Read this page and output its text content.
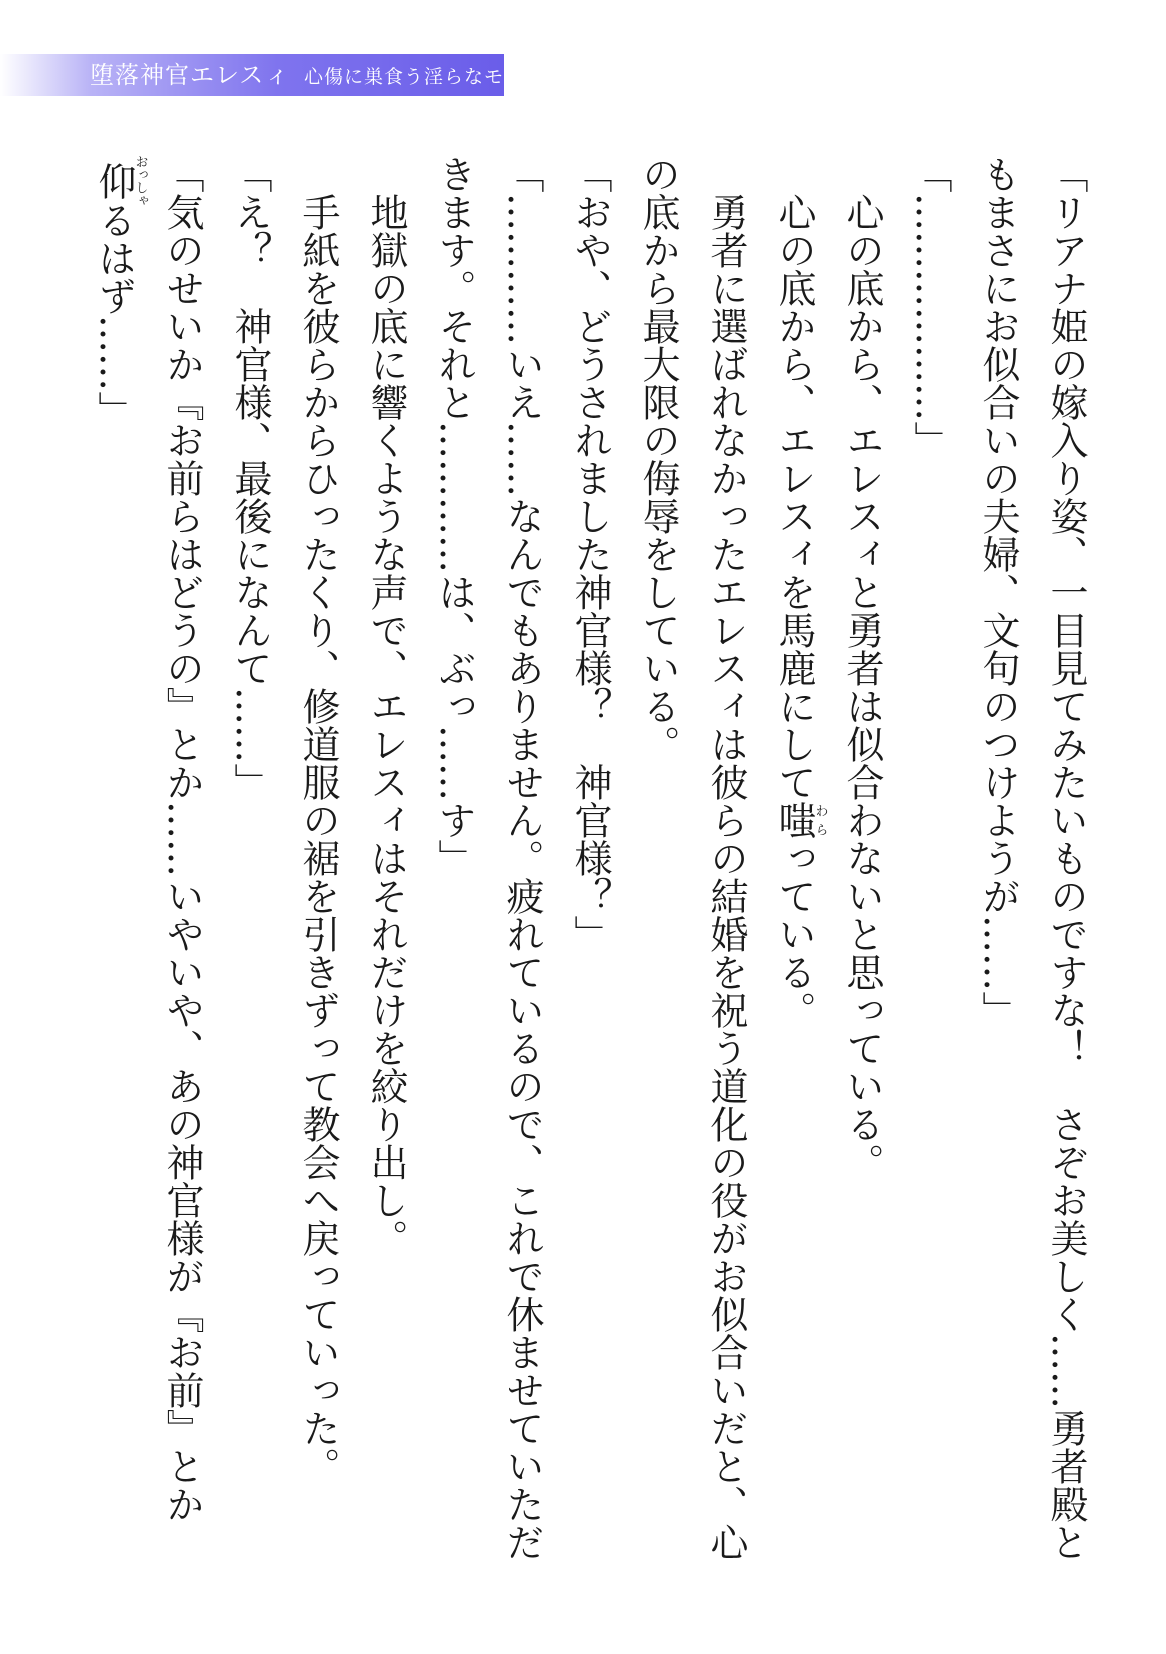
堕落神官エレスィ 心傷に巣食う淫らなモノ

「リアナ姫の嫁入り姿、一目見てみたいものですな！　さぞお美しく……勇者殿ともまさにお似合いの夫婦、文句のつけようが……」

「………………」

心の底から、エレスィと勇者は似合わないと思っている。

心の底から、エレスィを馬鹿にして嗤わらっている。

勇者に選ばれなかったエレスィは彼らの結婚を祝う道化の役がお似合いだと、心の底から最大限の侮辱をしている。

「おや、どうされました神官様？　神官様？」

「…………いえ……なんでもありません。疲れているので、これで休ませていただきます。それと…………は、ぶっ……す」

地獄の底に響くような声で、エレスィはそれだけを絞り出し。

手紙を彼らからひったくり、修道服の裾を引きずって教会へ戻っていった。

「え？　神官様、最後になんて……」

「気のせいか『お前らはどうの』とか……いやいや、あの神官様が『お前』とか仰おっしゃるはず……」
